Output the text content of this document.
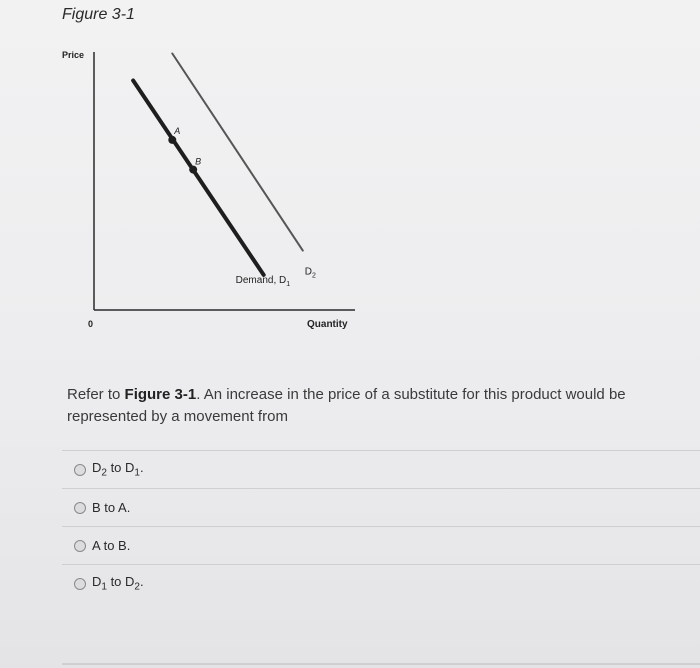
Figure 3-1
Price
Quantity
0
Demand, $D_1$
$D_2$
A
B
Refer to Figure 3-1. An increase in the price of a substitute for this product would be represented by a movement from
$D_2$ to $D_1$.
B to A.
A to B.
$D_1$ to $D_2$.
